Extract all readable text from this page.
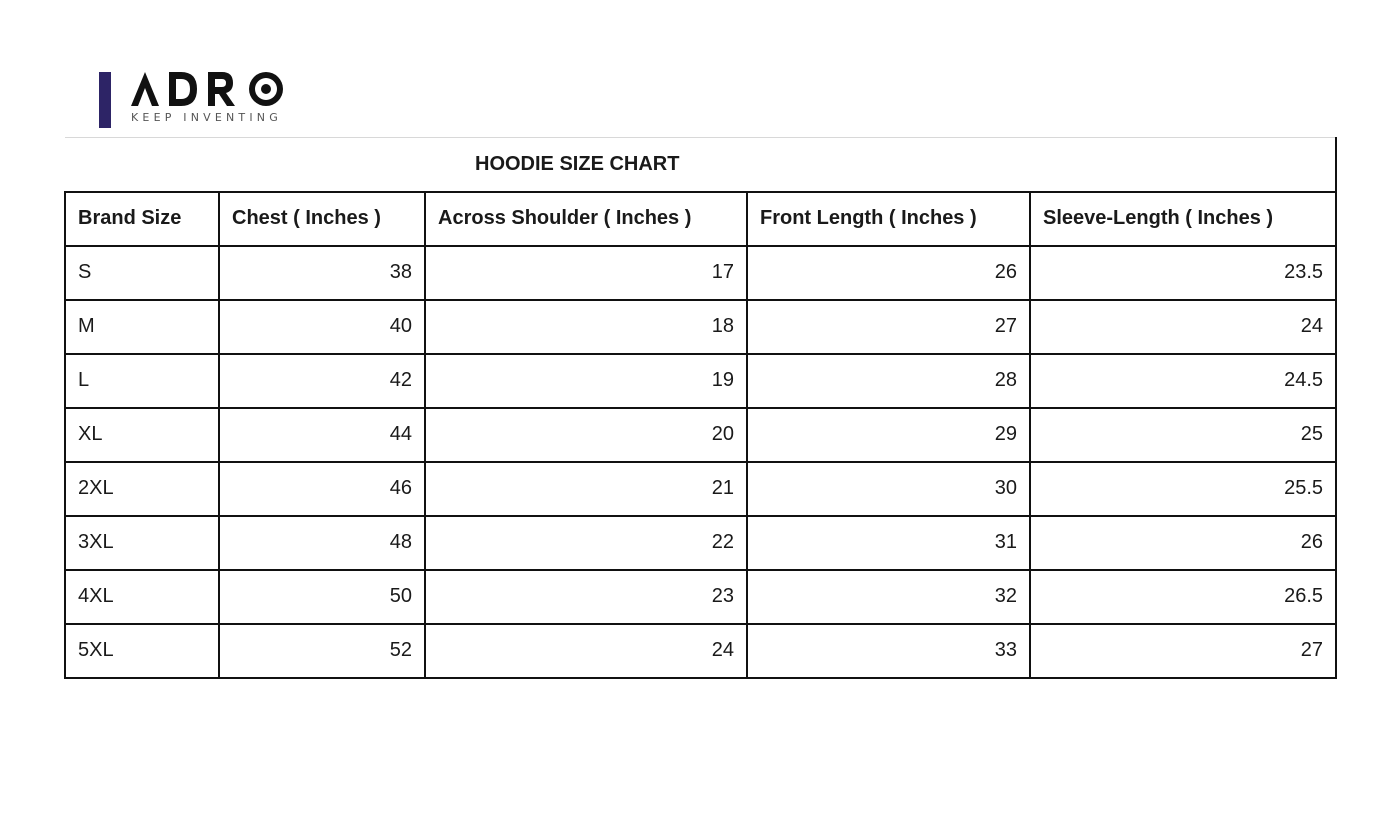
KEEP INVENTING
HOODIE SIZE CHART				
Brand Size	Chest ( Inches )	Across Shoulder ( Inches )	Front Length ( Inches )	Sleeve-Length ( Inches )
S	38	17	26	23.5
M	40	18	27	24
L	42	19	28	24.5
XL	44	20	29	25
2XL	46	21	30	25.5
3XL	48	22	31	26
4XL	50	23	32	26.5
5XL	52	24	33	27
